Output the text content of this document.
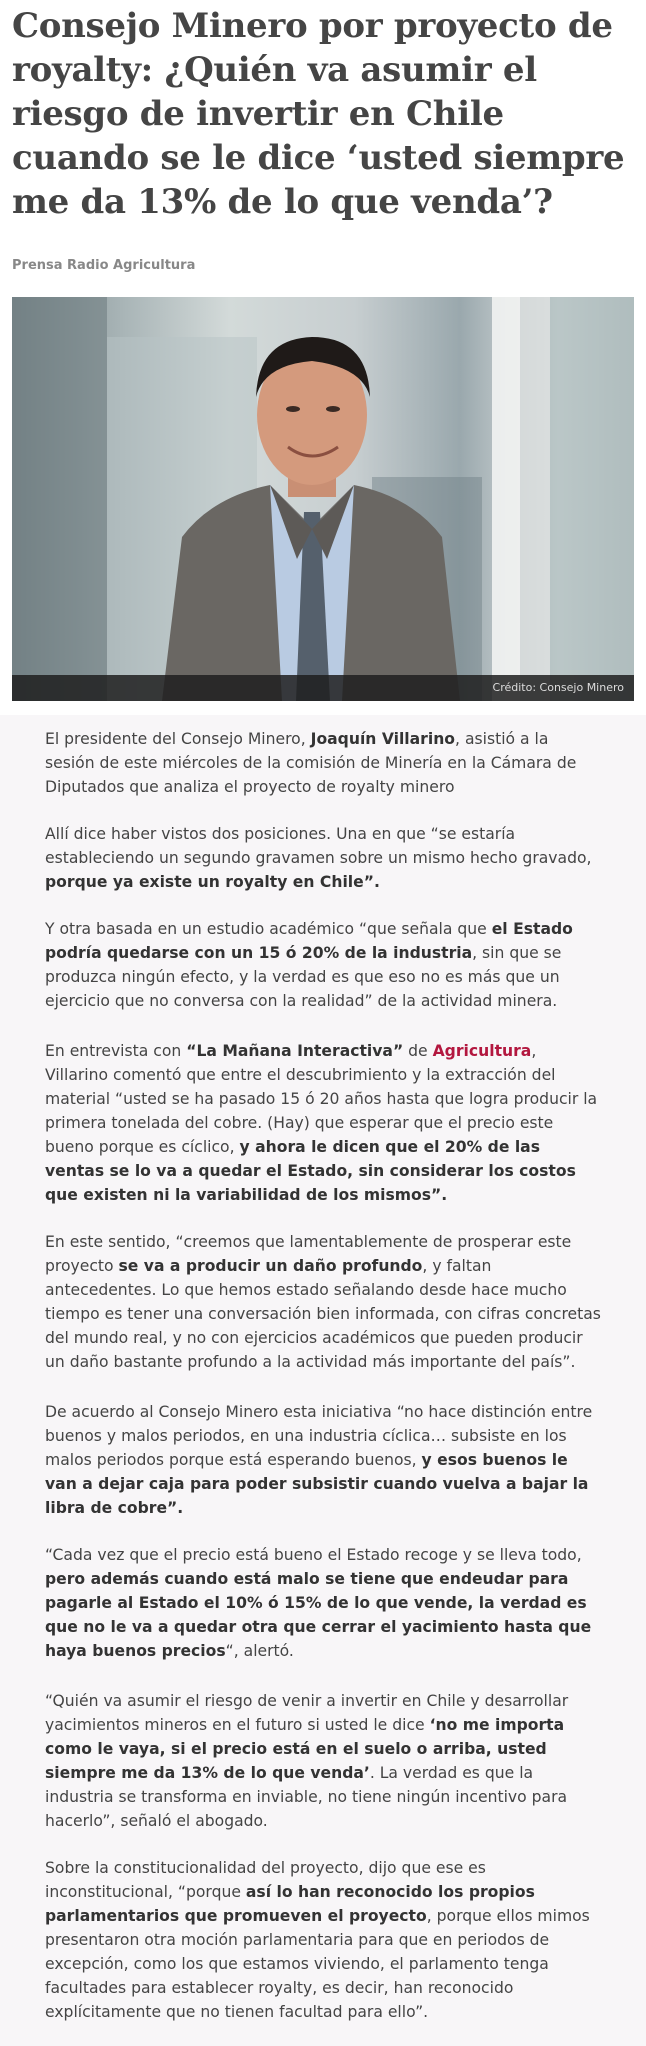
Consejo Minero por proyecto de royalty: ¿Quién va asumir el riesgo de invertir en Chile cuando se le dice ‘usted siempre me da 13% de lo que venda’?
Prensa Radio Agricultura
Crédito: Consejo Minero

El presidente del Consejo Minero, Joaquín Villarino, asistió a la sesión de este miércoles de la comisión de Minería en la Cámara de Diputados que analiza el proyecto de royalty minero

Allí dice haber vistos dos posiciones. Una en que “se estaría estableciendo un segundo gravamen sobre un mismo hecho gravado, porque ya existe un royalty en Chile”.

Y otra basada en un estudio académico “que señala que el Estado podría quedarse con un 15 ó 20% de la industria, sin que se produzca ningún efecto, y la verdad es que eso no es más que un ejercicio que no conversa con la realidad” de la actividad minera.

En entrevista con “La Mañana Interactiva” de Agricultura, Villarino comentó que entre el descubrimiento y la extracción del material “usted se ha pasado 15 ó 20 años hasta que logra producir la primera tonelada del cobre. (Hay) que esperar que el precio este bueno porque es cíclico, y ahora le dicen que el 20% de las ventas se lo va a quedar el Estado, sin considerar los costos que existen ni la variabilidad de los mismos”.

En este sentido, “creemos que lamentablemente de prosperar este proyecto se va a producir un daño profundo, y faltan antecedentes. Lo que hemos estado señalando desde hace mucho tiempo es tener una conversación bien informada, con cifras concretas del mundo real, y no con ejercicios académicos que pueden producir un daño bastante profundo a la actividad más importante del país”.

De acuerdo al Consejo Minero esta iniciativa “no hace distinción entre buenos y malos periodos, en una industria cíclica… subsiste en los malos periodos porque está esperando buenos, y esos buenos le van a dejar caja para poder subsistir cuando vuelva a bajar la libra de cobre”.

“Cada vez que el precio está bueno el Estado recoge y se lleva todo, pero además cuando está malo se tiene que endeudar para pagarle al Estado el 10% ó 15% de lo que vende, la verdad es que no le va a quedar otra que cerrar el yacimiento hasta que haya buenos precios“, alertó.

“Quién va asumir el riesgo de venir a invertir en Chile y desarrollar yacimientos mineros en el futuro si usted le dice ‘no me importa como le vaya, si el precio está en el suelo o arriba, usted siempre me da 13% de lo que venda’. La verdad es que la industria se transforma en inviable, no tiene ningún incentivo para hacerlo”, señaló el abogado.

Sobre la constitucionalidad del proyecto, dijo que ese es inconstitucional, “porque así lo han reconocido los propios parlamentarios que promueven el proyecto, porque ellos mimos presentaron otra moción parlamentaria para que en periodos de excepción, como los que estamos viviendo, el parlamento tenga facultades para establecer royalty, es decir, han reconocido explícitamente que no tienen facultad para ello”.
